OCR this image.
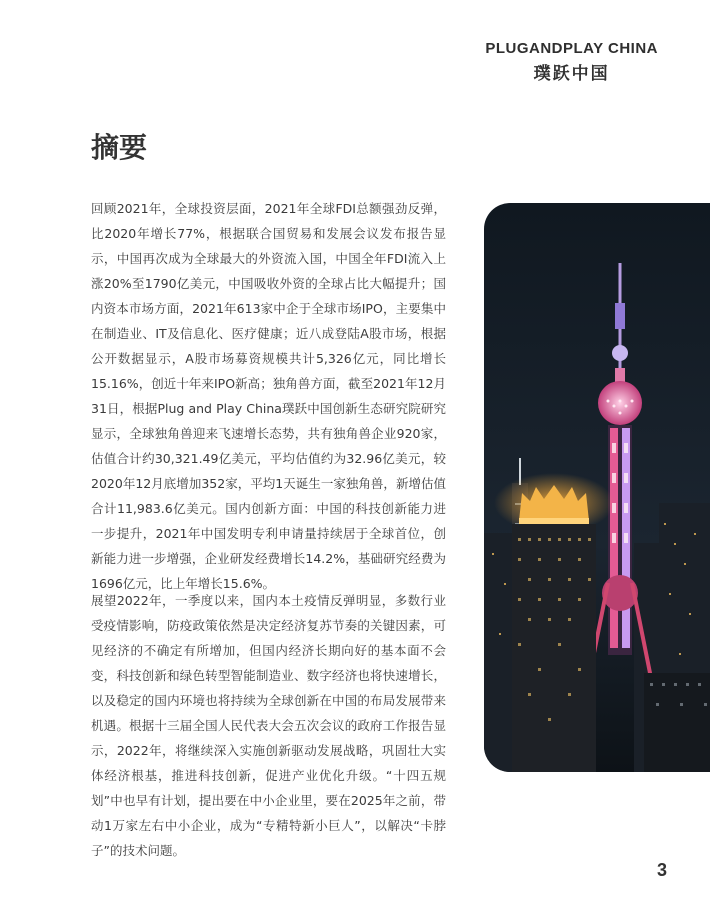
PLUGANDPLAY CHINA
璞跃中国
摘要

回顾2021年，全球投资层面，2021年全球FDI总额强劲反弹，比2020年增长77%，根据联合国贸易和发展会议发布报告显示，中国再次成为全球最大的外资流入国，中国全年FDI流入上涨20%至1790亿美元，中国吸收外资的全球占比大幅提升；国内资本市场方面，2021年613家中企于全球市场IPO，主要集中在制造业、IT及信息化、医疗健康；近八成登陆A股市场，根据公开数据显示，A股市场募资规模共计5,326亿元，同比增长15.16%，创近十年来IPO新高；独角兽方面，截至2021年12月31日，根据Plug and Play China璞跃中国创新生态研究院研究显示，全球独角兽迎来飞速增长态势，共有独角兽企业920家，估值合计约30,321.49亿美元，平均估值约为32.96亿美元，较2020年12月底增加352家，平均1天诞生一家独角兽，新增估值合计11,983.6亿美元。国内创新方面：中国的科技创新能力进一步提升，2021年中国发明专利申请量持续居于全球首位，创新能力进一步增强，企业研发经费增长14.2%，基础研究经费为1696亿元，比上年增长15.6%。

展望2022年，一季度以来，国内本土疫情反弹明显，多数行业受疫情影响，防疫政策依然是决定经济复苏节奏的关键因素，可见经济的不确定有所增加，但国内经济长期向好的基本面不会变，科技创新和绿色转型智能制造业、数字经济也将快速增长，以及稳定的国内环境也将持续为全球创新在中国的布局发展带来机遇。根据十三届全国人民代表大会五次会议的政府工作报告显示，2022年，将继续深入实施创新驱动发展战略，巩固壮大实体经济根基，推进科技创新，促进产业优化升级。“十四五规划”中也早有计划，提出要在中小企业里，要在2025年之前，带动1万家左右中小企业，成为“专精特新小巨人”，以解决“卡脖子”的技术问题。

3
